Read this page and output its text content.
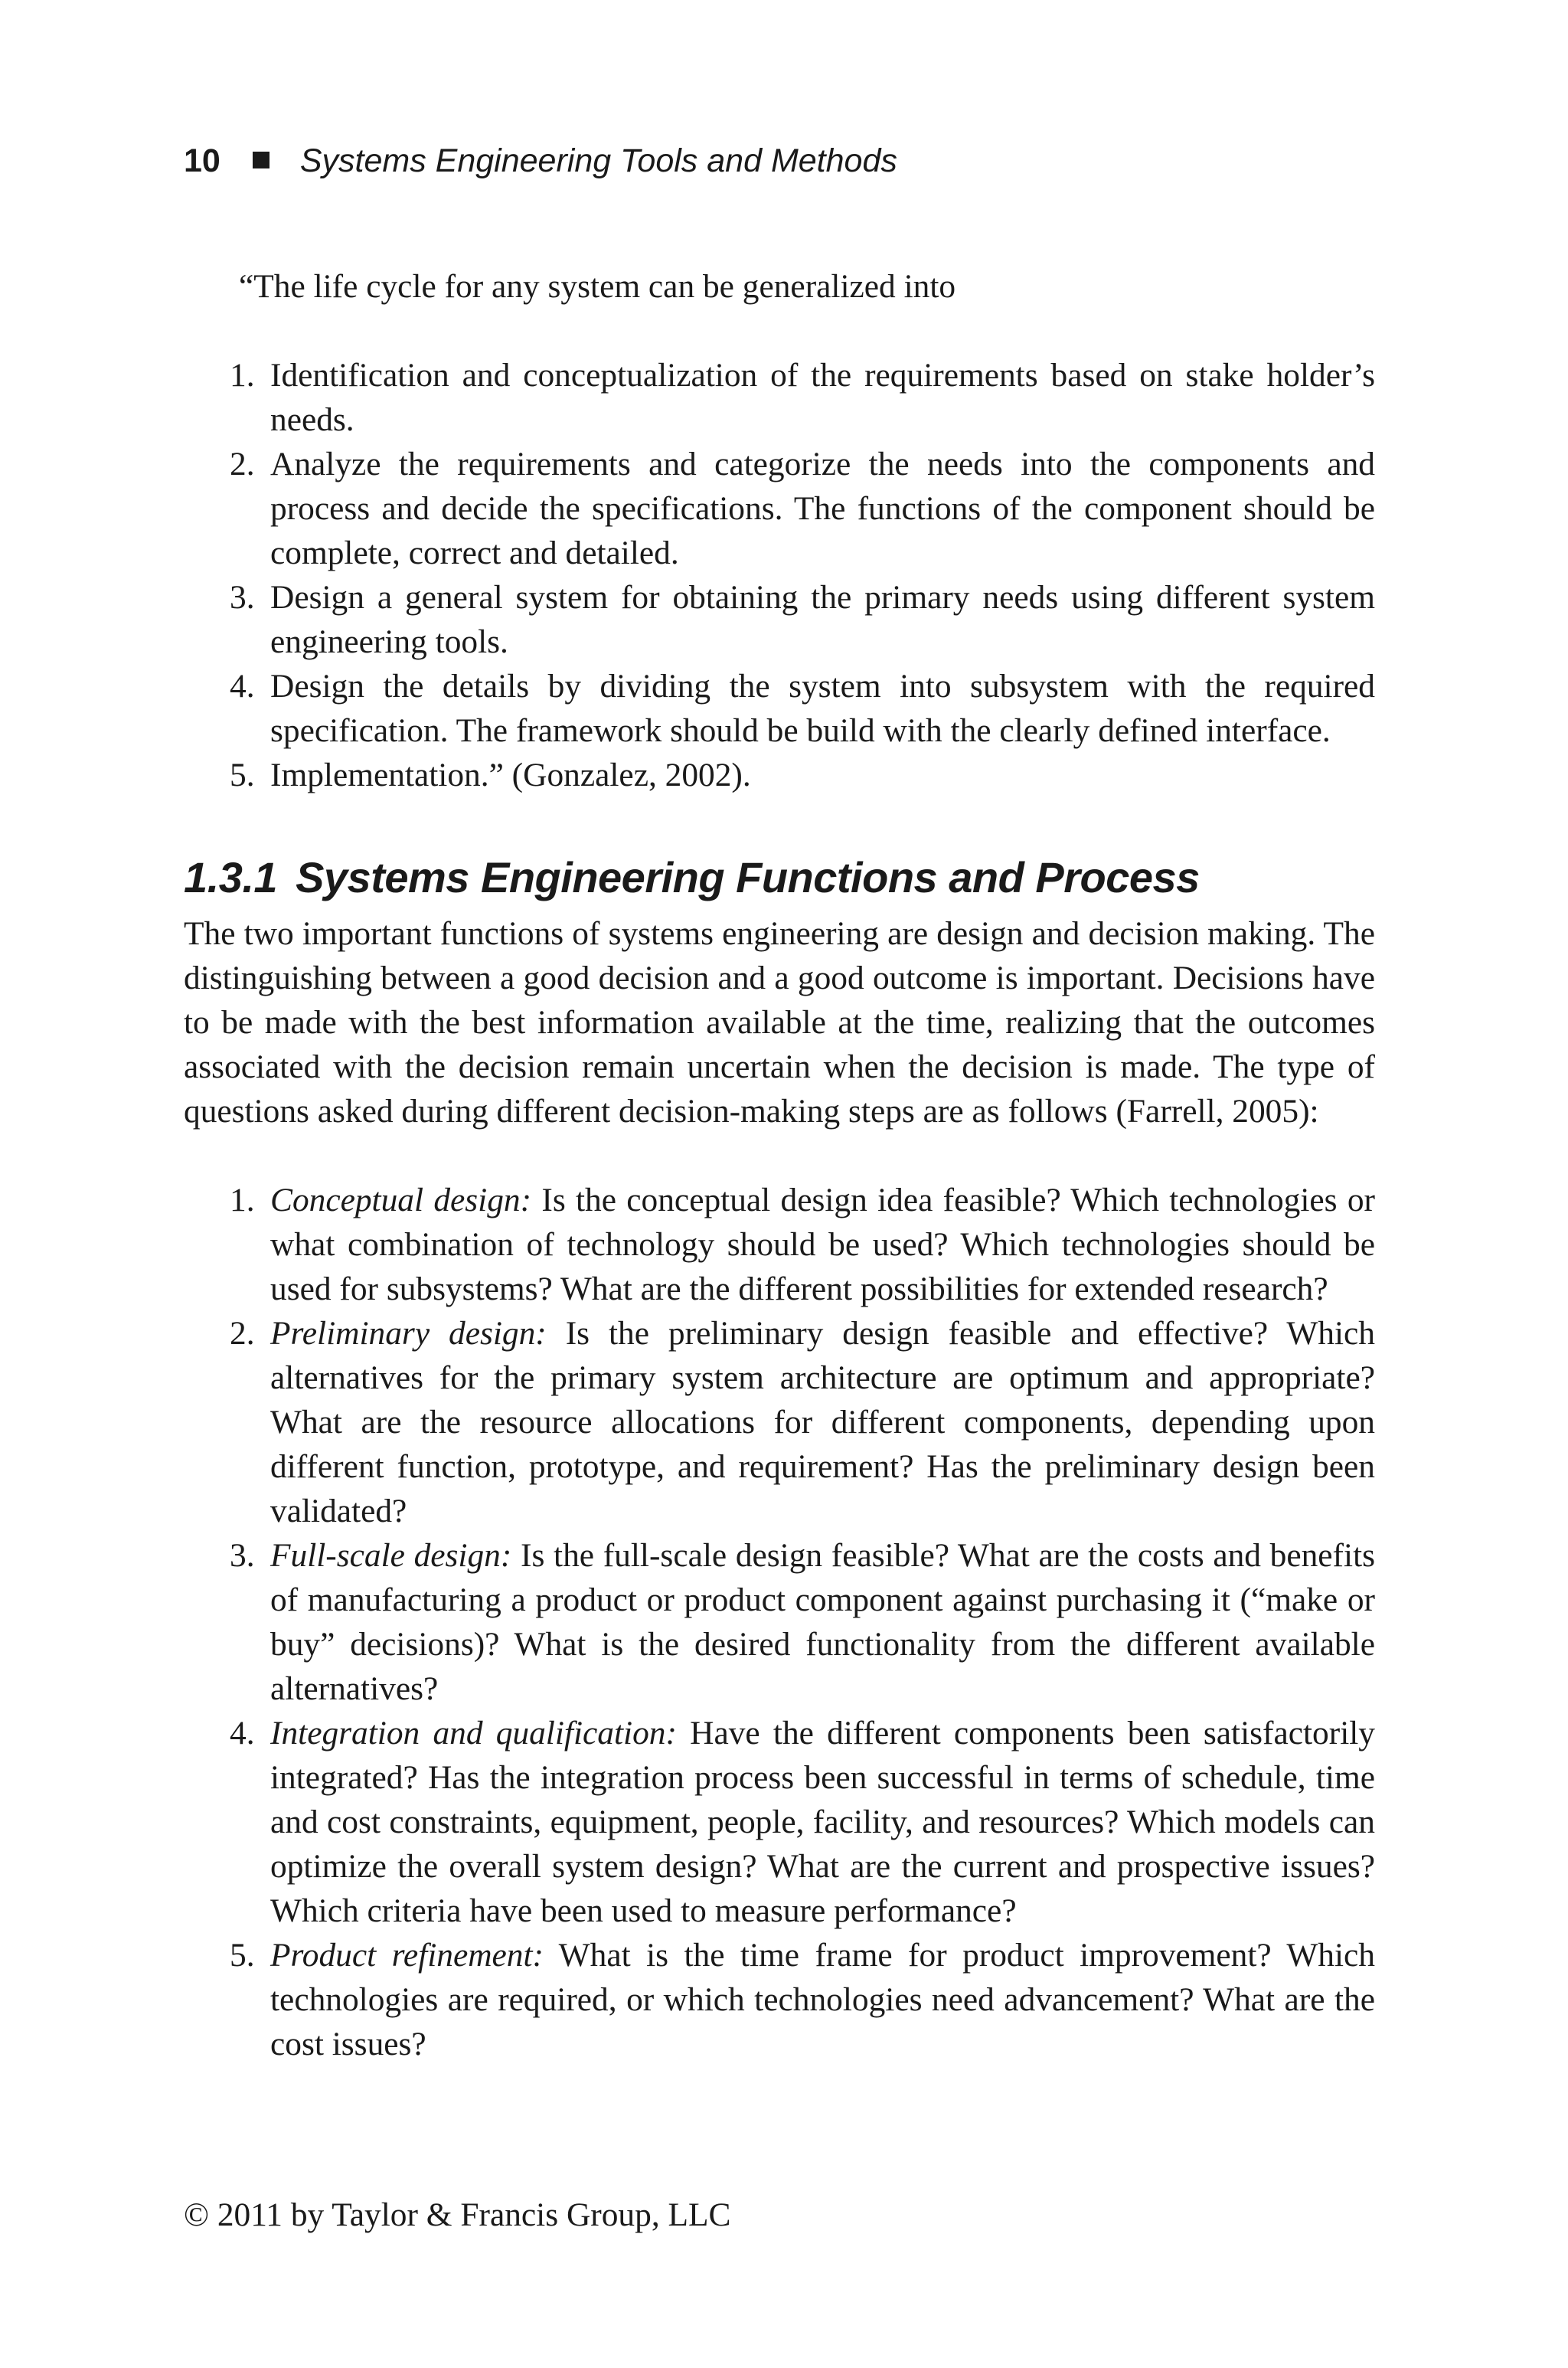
10 Systems Engineering Tools and Methods

“The life cycle for any system can be generalized into

1. Identification and conceptualization of the requirements based on stake holder’s needs.
2. Analyze the requirements and categorize the needs into the components and process and decide the specifications. The functions of the component should be complete, correct and detailed.
3. Design a general system for obtaining the primary needs using different system engineering tools.
4. Design the details by dividing the system into subsystem with the required specification. The framework should be build with the clearly defined interface.
5. Implementation.” (Gonzalez, 2002).
1.3.1 Systems Engineering Functions and Process

The two important functions of systems engineering are design and decision making. The distinguishing between a good decision and a good outcome is important. Decisions have to be made with the best information available at the time, realizing that the outcomes associated with the decision remain uncertain when the decision is made. The type of questions asked during different decision-making steps are as follows (Farrell, 2005):

1. Conceptual design: Is the conceptual design idea feasible? Which technologies or what combination of technology should be used? Which technologies should be used for subsystems? What are the different possibilities for extended research?
2. Preliminary design: Is the preliminary design feasible and effective? Which alternatives for the primary system architecture are optimum and appropriate? What are the resource allocations for different components, depending upon different function, prototype, and requirement? Has the preliminary design been validated?
3. Full-scale design: Is the full-scale design feasible? What are the costs and benefits of manufacturing a product or product component against purchasing it (“make or buy” decisions)? What is the desired functionality from the different available alternatives?
4. Integration and qualification: Have the different components been satisfactorily integrated? Has the integration process been successful in terms of schedule, time and cost constraints, equipment, people, facility, and resources? Which models can optimize the overall system design? What are the current and prospective issues? Which criteria have been used to measure performance?
5. Product refinement: What is the time frame for product improvement? Which technologies are required, or which technologies need advancement? What are the cost issues?
© 2011 by Taylor & Francis Group, LLC
